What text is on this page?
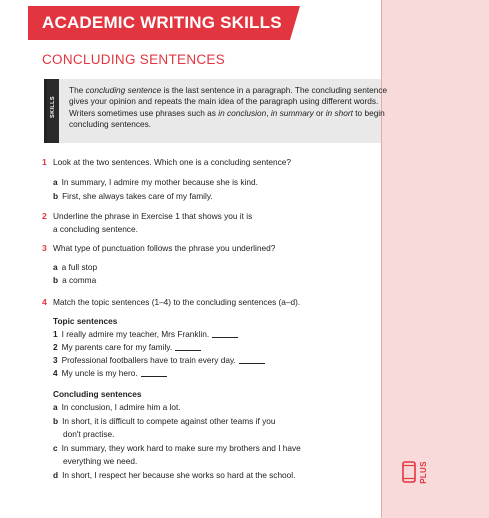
PLUS
ACADEMIC WRITING SKILLS
CONCLUDING SENTENCES
SKILLS
The concluding sentence is the last sentence in a paragraph. The concluding sentence gives your opinion and repeats the main idea of the paragraph using different words. Writers sometimes use phrases such as in conclusion, in summary or in short to begin concluding sentences.
1 Look at the two sentences. Which one is a concluding sentence?
a In summary, I admire my mother because she is kind.
b First, she always takes care of my family.
2 Underline the phrase in Exercise 1 that shows you it is
a concluding sentence.
3 What type of punctuation follows the phrase you underlined?
a a full stop
b a comma
4 Match the topic sentences (1–4) to the concluding sentences (a–d).
Topic sentences
1 I really admire my teacher, Mrs Franklin.
2 My parents care for my family.
3 Professional footballers have to train every day.
4 My uncle is my hero.
Concluding sentences
a In conclusion, I admire him a lot.
b In short, it is difficult to compete against other teams if you
don't practise.
c In summary, they work hard to make sure my brothers and I have
everything we need.
d In short, I respect her because she works so hard at the school.
